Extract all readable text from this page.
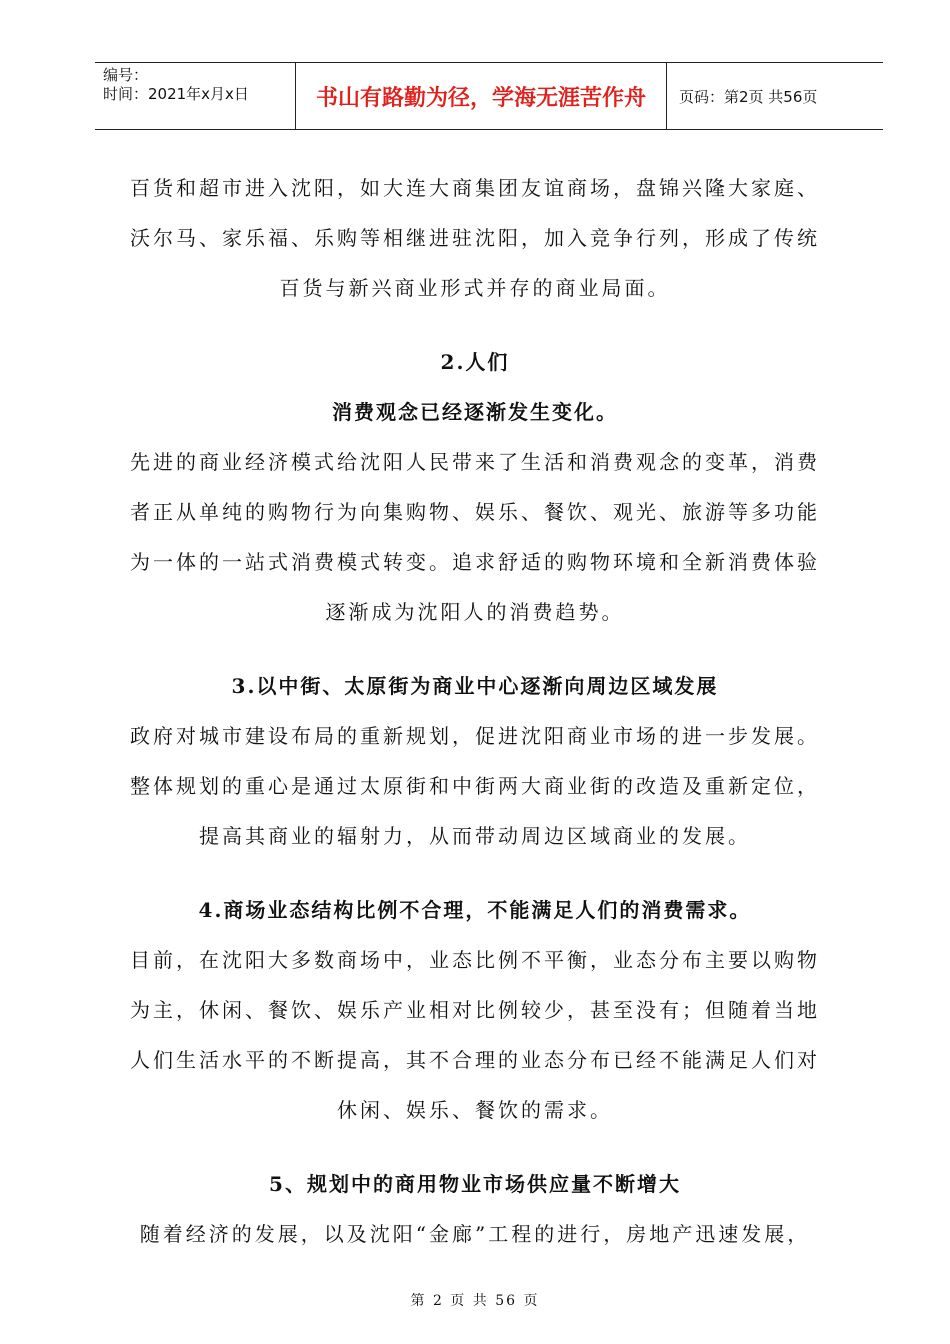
编号：
时间：2021年x月x日	书山有路勤为径，学海无涯苦作舟	页码：第2页 共56页
百货和超市进入沈阳，如大连大商集团友谊商场，盘锦兴隆大家庭、
沃尔马、家乐福、乐购等相继进驻沈阳，加入竞争行列，形成了传统
百货与新兴商业形式并存的商业局面。
2.人们
消费观念已经逐渐发生变化。
先进的商业经济模式给沈阳人民带来了生活和消费观念的变革，消费
者正从单纯的购物行为向集购物、娱乐、餐饮、观光、旅游等多功能
为一体的一站式消费模式转变。追求舒适的购物环境和全新消费体验
逐渐成为沈阳人的消费趋势。
3.以中街、太原街为商业中心逐渐向周边区域发展
政府对城市建设布局的重新规划，促进沈阳商业市场的进一步发展。
整体规划的重心是通过太原街和中街两大商业街的改造及重新定位，
提高其商业的辐射力，从而带动周边区域商业的发展。
4.商场业态结构比例不合理，不能满足人们的消费需求。
目前，在沈阳大多数商场中，业态比例不平衡，业态分布主要以购物
为主，休闲、餐饮、娱乐产业相对比例较少，甚至没有；但随着当地
人们生活水平的不断提高，其不合理的业态分布已经不能满足人们对
休闲、娱乐、餐饮的需求。
5、规划中的商用物业市场供应量不断增大
随着经济的发展，以及沈阳“金廊”工程的进行，房地产迅速发展，
第 2 页 共 56 页
